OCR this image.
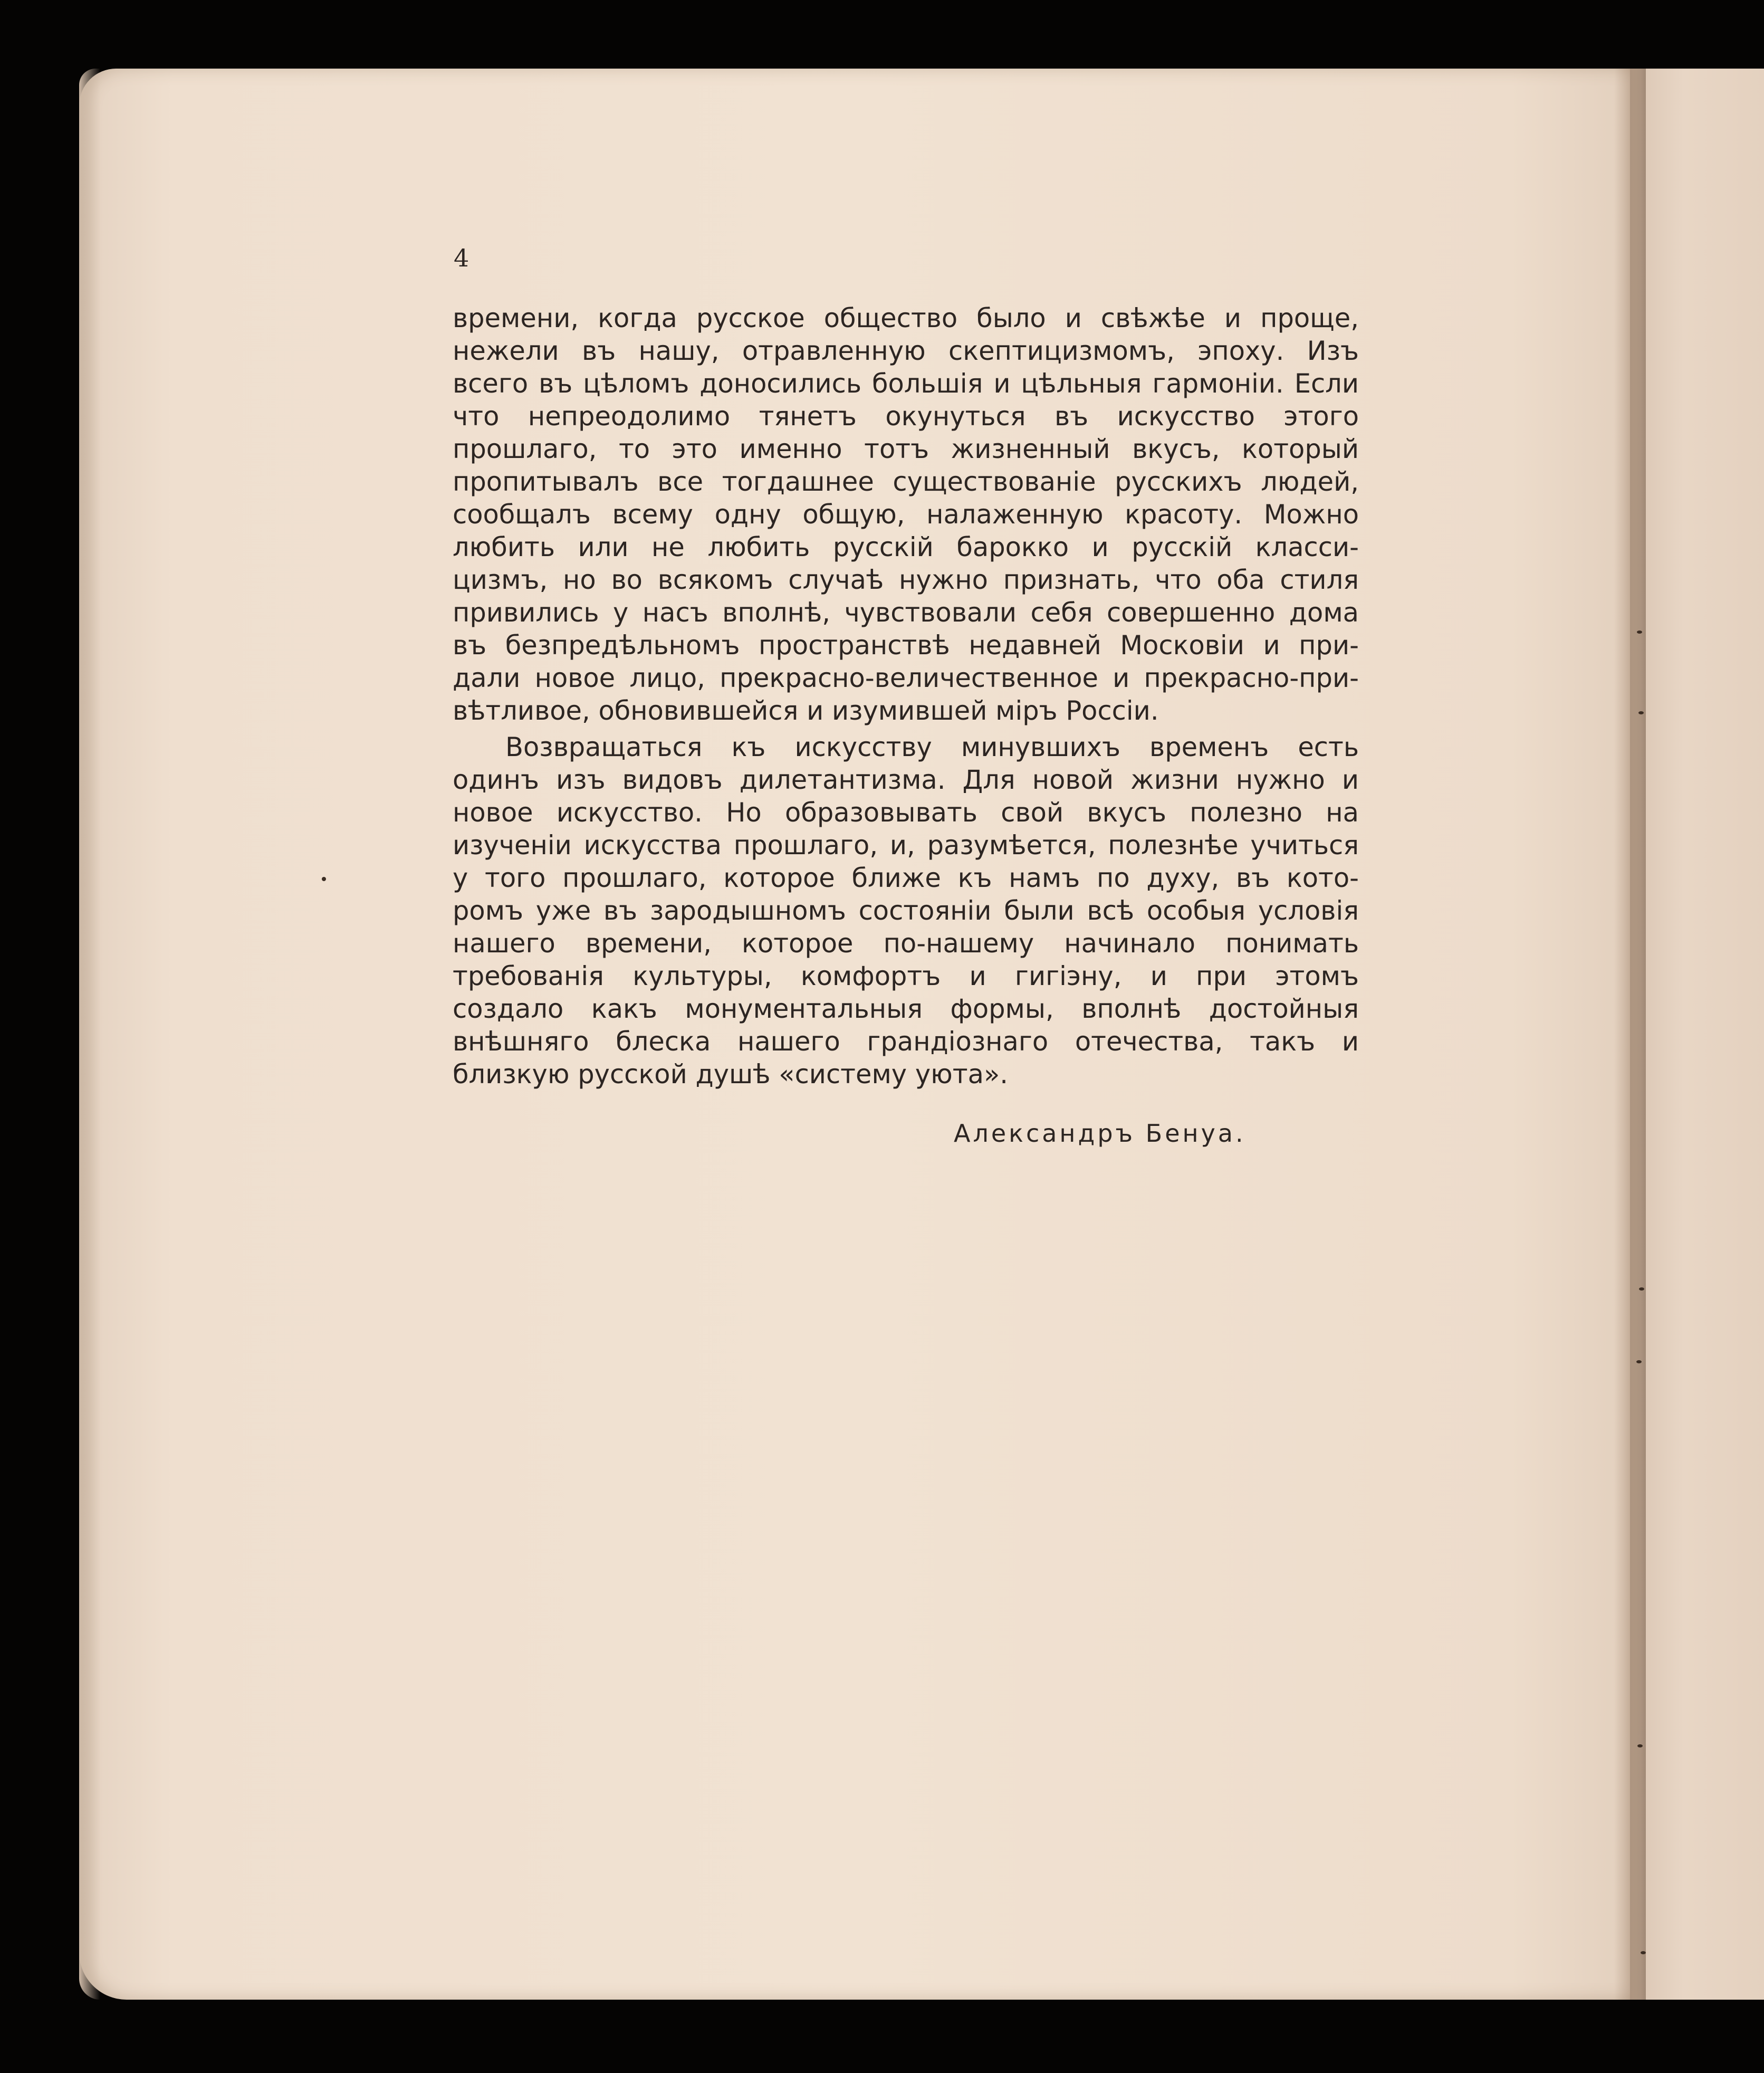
4
времени, когда русское общество было и свѣжѣе и проще,
нежели въ нашу, отравленную скептицизмомъ, эпоху. Изъ
всего въ цѣломъ доносились большія и цѣльныя гармоніи. Если
что непреодолимо тянетъ окунуться въ искусство этого
прошлаго, то это именно тотъ жизненный вкусъ, который
пропитывалъ все тогдашнее существованіе русскихъ людей,
сообщалъ всему одну общую, налаженную красоту. Можно
любить или не любить русскій барокко и русскій класси-
цизмъ, но во всякомъ случаѣ нужно признать, что оба стиля
привились у насъ вполнѣ, чувствовали себя совершенно дома
въ безпредѣльномъ пространствѣ недавней Московіи и при-
дали новое лицо, прекрасно-величественное и прекрасно-при-
вѣтливое, обновившейся и изумившей міръ Россіи.
Возвращаться къ искусству минувшихъ временъ есть
одинъ изъ видовъ дилетантизма. Для новой жизни нужно и
новое искусство. Но образовывать свой вкусъ полезно на
изученіи искусства прошлаго, и, разумѣется, полезнѣе учиться
у того прошлаго, которое ближе къ намъ по духу, въ кото-
ромъ уже въ зародышномъ состояніи были всѣ особыя условія
нашего времени, которое по-нашему начинало понимать
требованія культуры, комфортъ и гигіэну, и при этомъ
создало какъ монументальныя формы, вполнѣ достойныя
внѣшняго блеска нашего грандіознаго отечества, такъ и
близкую русской душѣ «систему уюта».
Александръ Бенуа.
